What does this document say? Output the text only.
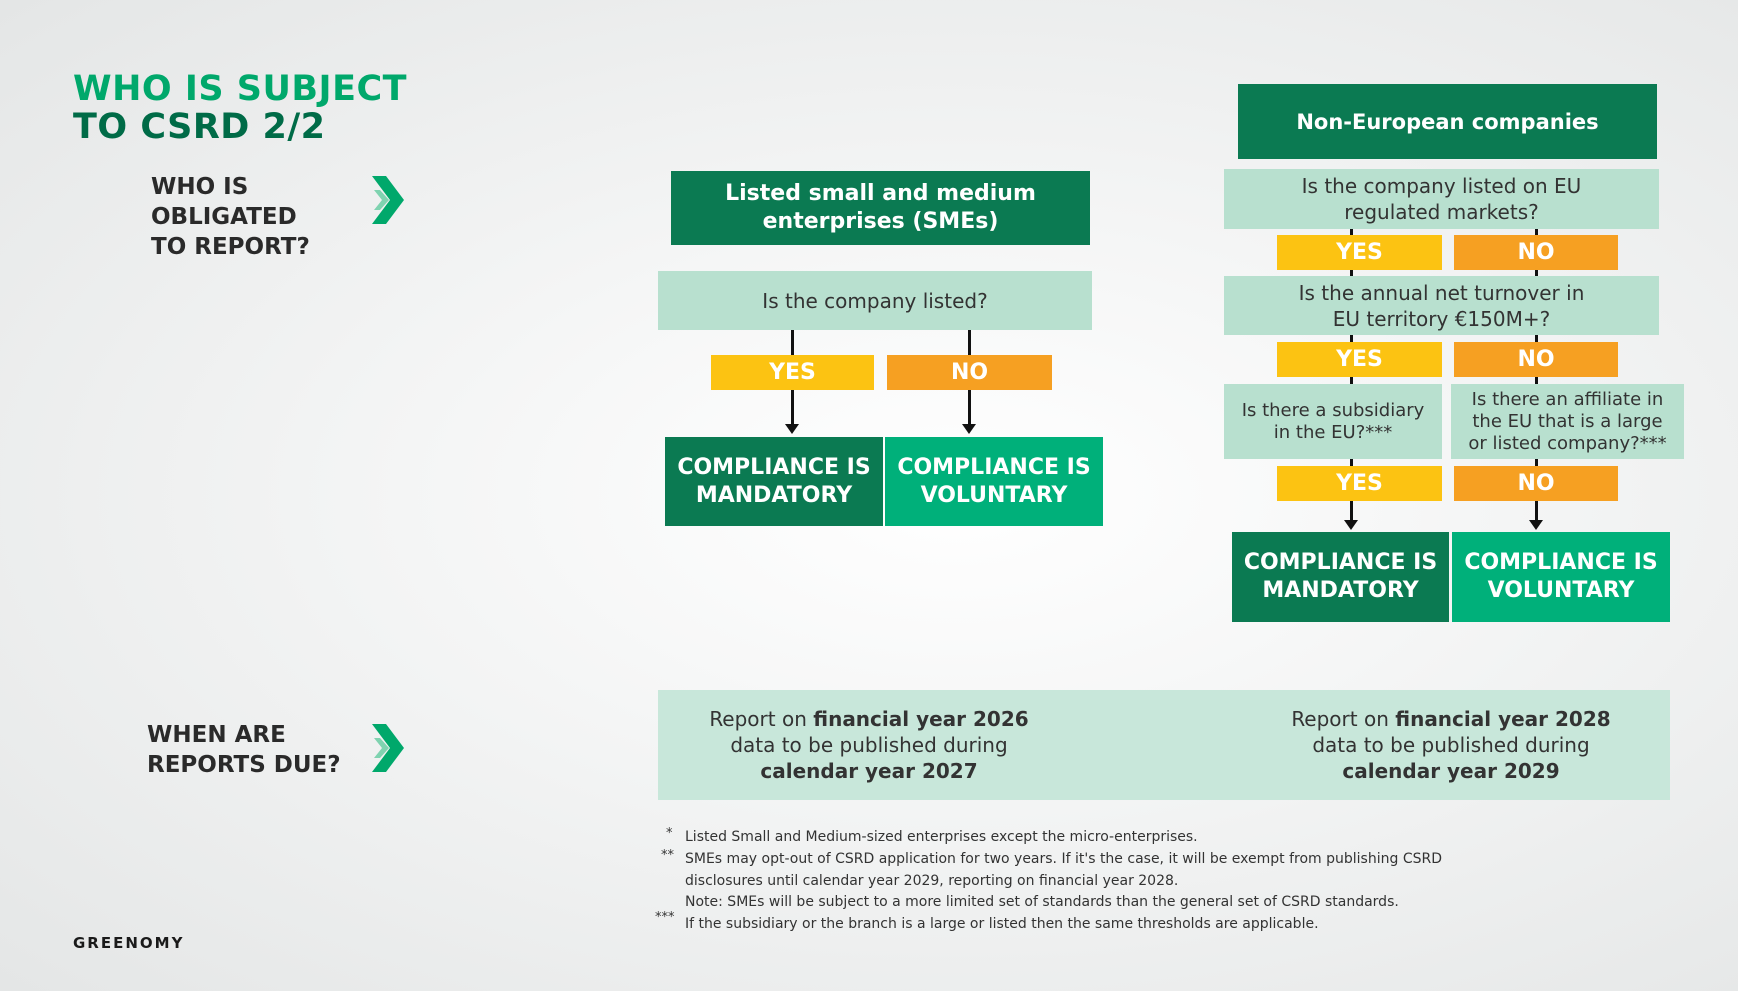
WHO IS SUBJECT
TO CSRD 2/2
WHO IS
OBLIGATED
TO REPORT?
WHEN ARE
REPORTS DUE?
Listed small and medium
enterprises (SMEs)
Is the company listed?
YES	NO
COMPLIANCE IS
MANDATORY
COMPLIANCE IS
VOLUNTARY
Non-European companies
Is the company listed on EU
regulated markets?
YES	NO
Is the annual net turnover in
EU territory €150M+?
YES	NO
Is there a subsidiary
in the EU?***
Is there an affiliate in
the EU that is a large
or listed company?***
YES	NO
COMPLIANCE IS
MANDATORY
COMPLIANCE IS
VOLUNTARY
Report on financial year 2026
data to be published during
calendar year 2027
Report on financial year 2028
data to be published during
calendar year 2029
* Listed Small and Medium-sized enterprises except the micro-enterprises.
** SMEs may opt-out of CSRD application for two years. If it's the case, it will be exempt from publishing CSRD
disclosures until calendar year 2029, reporting on financial year 2028.
Note: SMEs will be subject to a more limited set of standards than the general set of CSRD standards.
*** If the subsidiary or the branch is a large or listed then the same thresholds are applicable.
GREENOMY
